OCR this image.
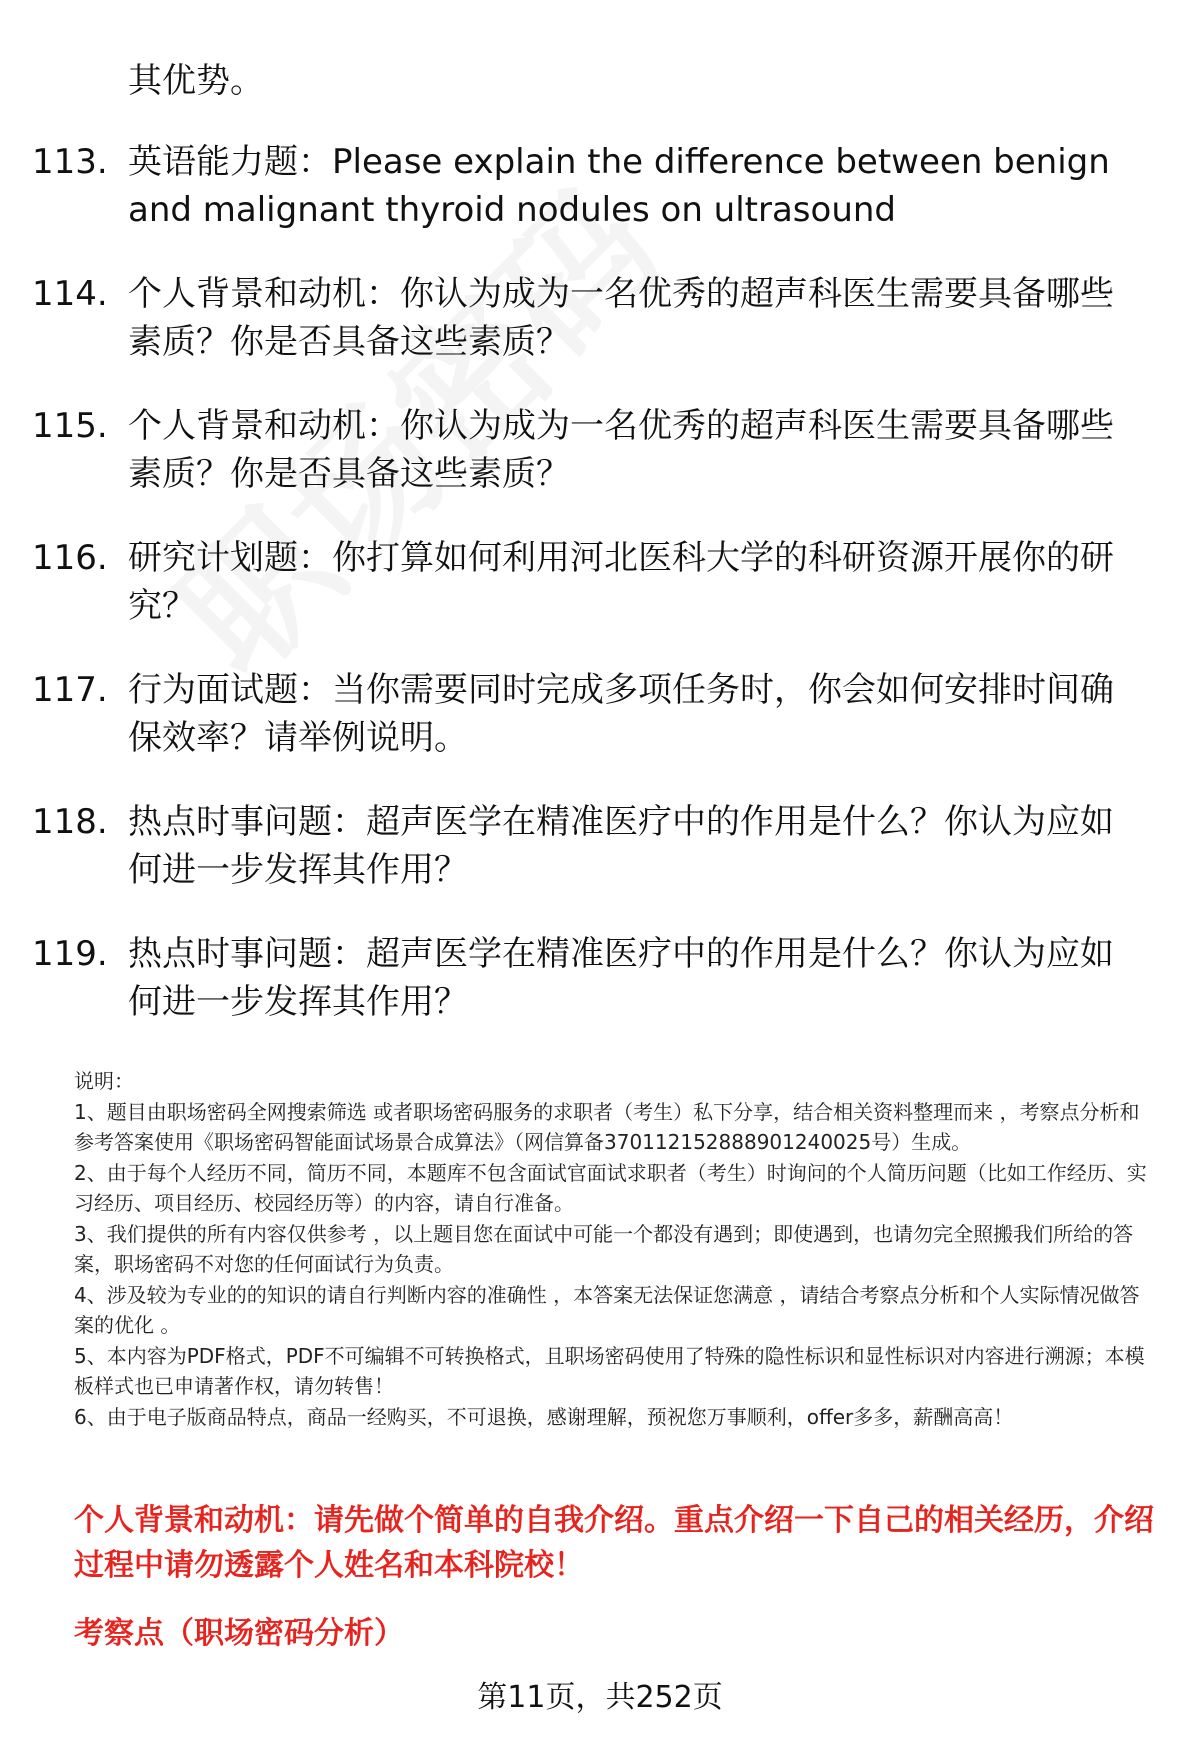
其优势。
113. 英语能力题：Please explain the difference between benign and malignant thyroid nodules on ultrasound
114. 个人背景和动机：你认为成为一名优秀的超声科医生需要具备哪些素质？你是否具备这些素质？
115. 个人背景和动机：你认为成为一名优秀的超声科医生需要具备哪些素质？你是否具备这些素质？
116. 研究计划题：你打算如何利用河北医科大学的科研资源开展你的研究？
117. 行为面试题：当你需要同时完成多项任务时，你会如何安排时间确保效率？请举例说明。
118. 热点时事问题：超声医学在精准医疗中的作用是什么？你认为应如何进一步发挥其作用？
119. 热点时事问题：超声医学在精准医疗中的作用是什么？你认为应如何进一步发挥其作用？

说明：

1、题目由职场密码全网搜索筛选 或者职场密码服务的求职者（考生）私下分享，结合相关资料整理而来 ，考察点分析和参考答案使用《职场密码智能面试场景合成算法》（网信算备370112152888901240025号）生成。

2、由于每个人经历不同，简历不同，本题库不包含面试官面试求职者（考生）时询问的个人简历问题（比如工作经历、实习经历、项目经历、校园经历等）的内容，请自行准备。

3、我们提供的所有内容仅供参考 ，以上题目您在面试中可能一个都没有遇到；即使遇到，也请勿完全照搬我们所给的答案，职场密码不对您的任何面试行为负责。

4、涉及较为专业的的知识的请自行判断内容的准确性 ，本答案无法保证您满意 ，请结合考察点分析和个人实际情况做答案的优化 。

5、本内容为PDF格式，PDF不可编辑不可转换格式，且职场密码使用了特殊的隐性标识和显性标识对内容进行溯源；本模板样式也已申请著作权，请勿转售！

6、由于电子版商品特点，商品一经购买，不可退换，感谢理解，预祝您万事顺利，offer多多，薪酬高高！

个人背景和动机：请先做个简单的自我介绍。重点介绍一下自己的相关经历，介绍过程中请勿透露个人姓名和本科院校！
考察点（职场密码分析）
第11页，共252页
